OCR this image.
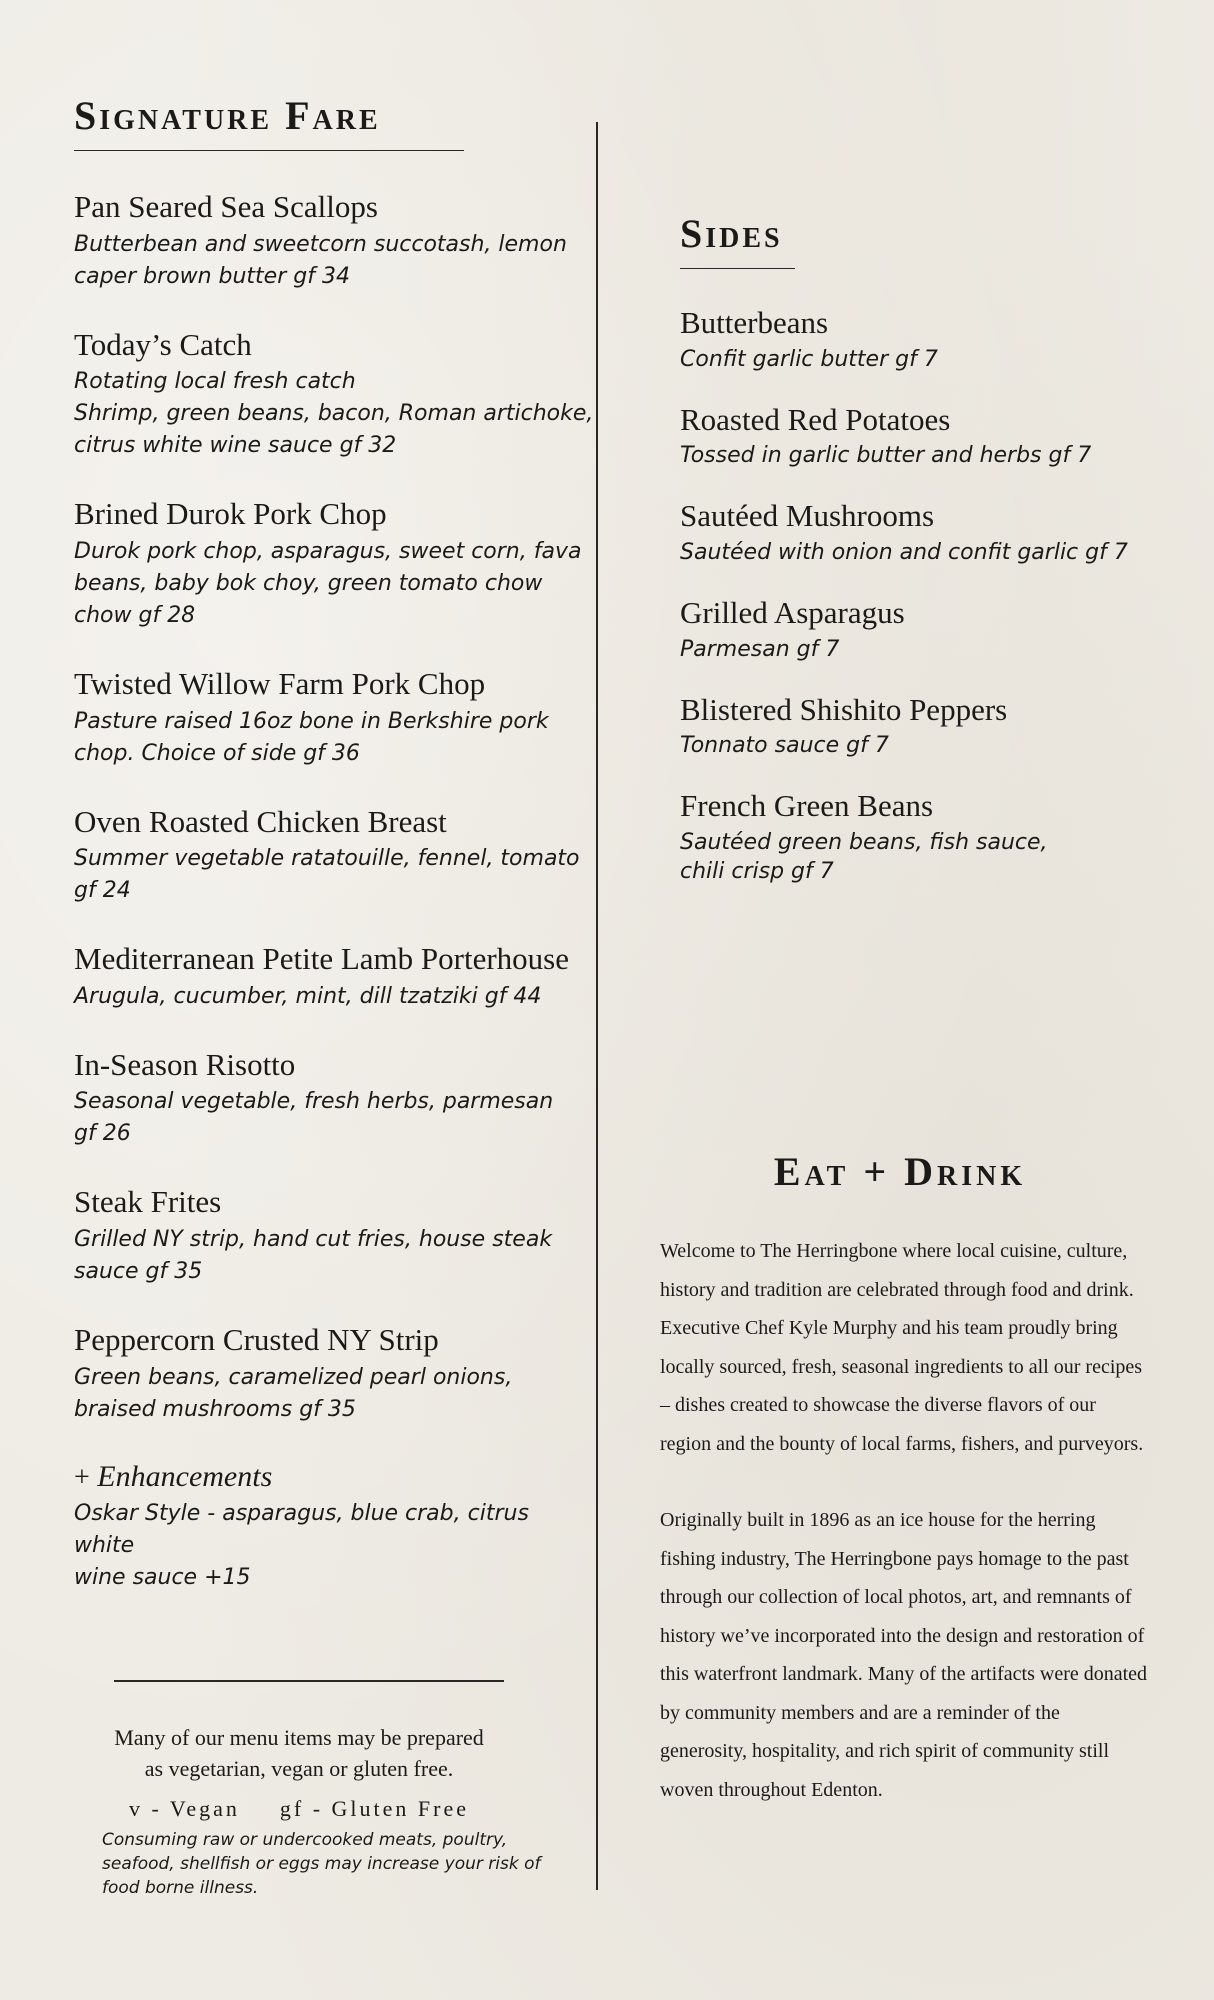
Signature Fare
Pan Seared Sea Scallops
Butterbean and sweetcorn succotash, lemon
caper brown butter gf 34
Today’s Catch
Rotating local fresh catch
Shrimp, green beans, bacon, Roman artichoke,
citrus white wine sauce gf 32
Brined Durok Pork Chop
Durok pork chop, asparagus, sweet corn, fava
beans, baby bok choy, green tomato chow
chow gf 28
Twisted Willow Farm Pork Chop
Pasture raised 16oz bone in Berkshire pork
chop. Choice of side gf 36
Oven Roasted Chicken Breast
Summer vegetable ratatouille, fennel, tomato
gf 24
Mediterranean Petite Lamb Porterhouse
Arugula, cucumber, mint, dill tzatziki gf 44
In-Season Risotto
Seasonal vegetable, fresh herbs, parmesan
gf 26
Steak Frites
Grilled NY strip, hand cut fries, house steak
sauce gf 35
Peppercorn Crusted NY Strip
Green beans, caramelized pearl onions,
braised mushrooms gf 35
+ Enhancements
Oskar Style - asparagus, blue crab, citrus white
wine sauce +15
Sides
Butterbeans
Confit garlic butter gf 7
Roasted Red Potatoes
Tossed in garlic butter and herbs gf 7
Sautéed Mushrooms
Sautéed with onion and confit garlic gf 7
Grilled Asparagus
Parmesan gf 7
Blistered Shishito Peppers
Tonnato sauce gf 7
French Green Beans
Sautéed green beans, fish sauce,
chili crisp gf 7
Many of our menu items may be prepared as vegetarian, vegan or gluten free.
v - Vegan gf - Gluten Free
Consuming raw or undercooked meats, poultry, seafood, shellfish or eggs may increase your risk of food borne illness.
Eat + Drink

Welcome to The Herringbone where local cuisine, culture, history and tradition are celebrated through food and drink. Executive Chef Kyle Murphy and his team proudly bring locally sourced, fresh, seasonal ingredients to all our recipes – dishes created to showcase the diverse flavors of our region and the bounty of local farms, fishers, and purveyors.

Originally built in 1896 as an ice house for the herring fishing industry, The Herringbone pays homage to the past through our collection of local photos, art, and remnants of history we’ve incorporated into the design and restoration of this waterfront landmark. Many of the artifacts were donated by community members and are a reminder of the generosity, hospitality, and rich spirit of community still woven throughout Edenton.
